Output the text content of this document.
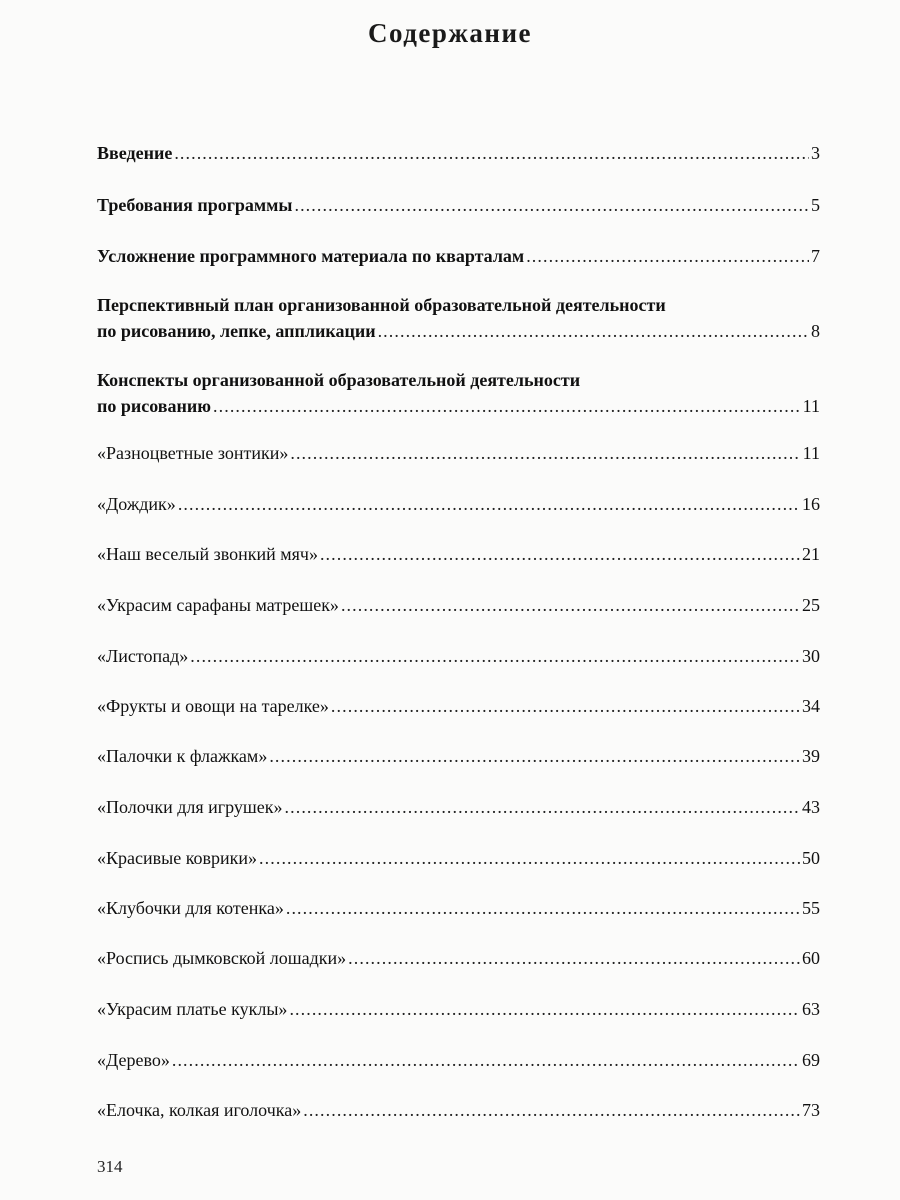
Содержание
Введение .....	3
Требования программы .....	5
Усложнение программного материала по кварталам .....	7
Перспективный план организованной образовательной деятельности
по рисованию, лепке, аппликации .....	8
Конспекты организованной образовательной деятельности
по рисованию .....	11
«Разноцветные зонтики» .....	11
«Дождик» .....	16
«Наш веселый звонкий мяч» .....	21
«Украсим сарафаны матрешек» .....	25
«Листопад» .....	30
«Фрукты и овощи на тарелке» .....	34
«Палочки к флажкам» .....	39
«Полочки для игрушек» .....	43
«Красивые коврики» .....	50
«Клубочки для котенка» .....	55
«Роспись дымковской лошадки» .....	60
«Украсим платье куклы» .....	63
«Дерево» .....	69
«Елочка, колкая иголочка» .....	73
314
